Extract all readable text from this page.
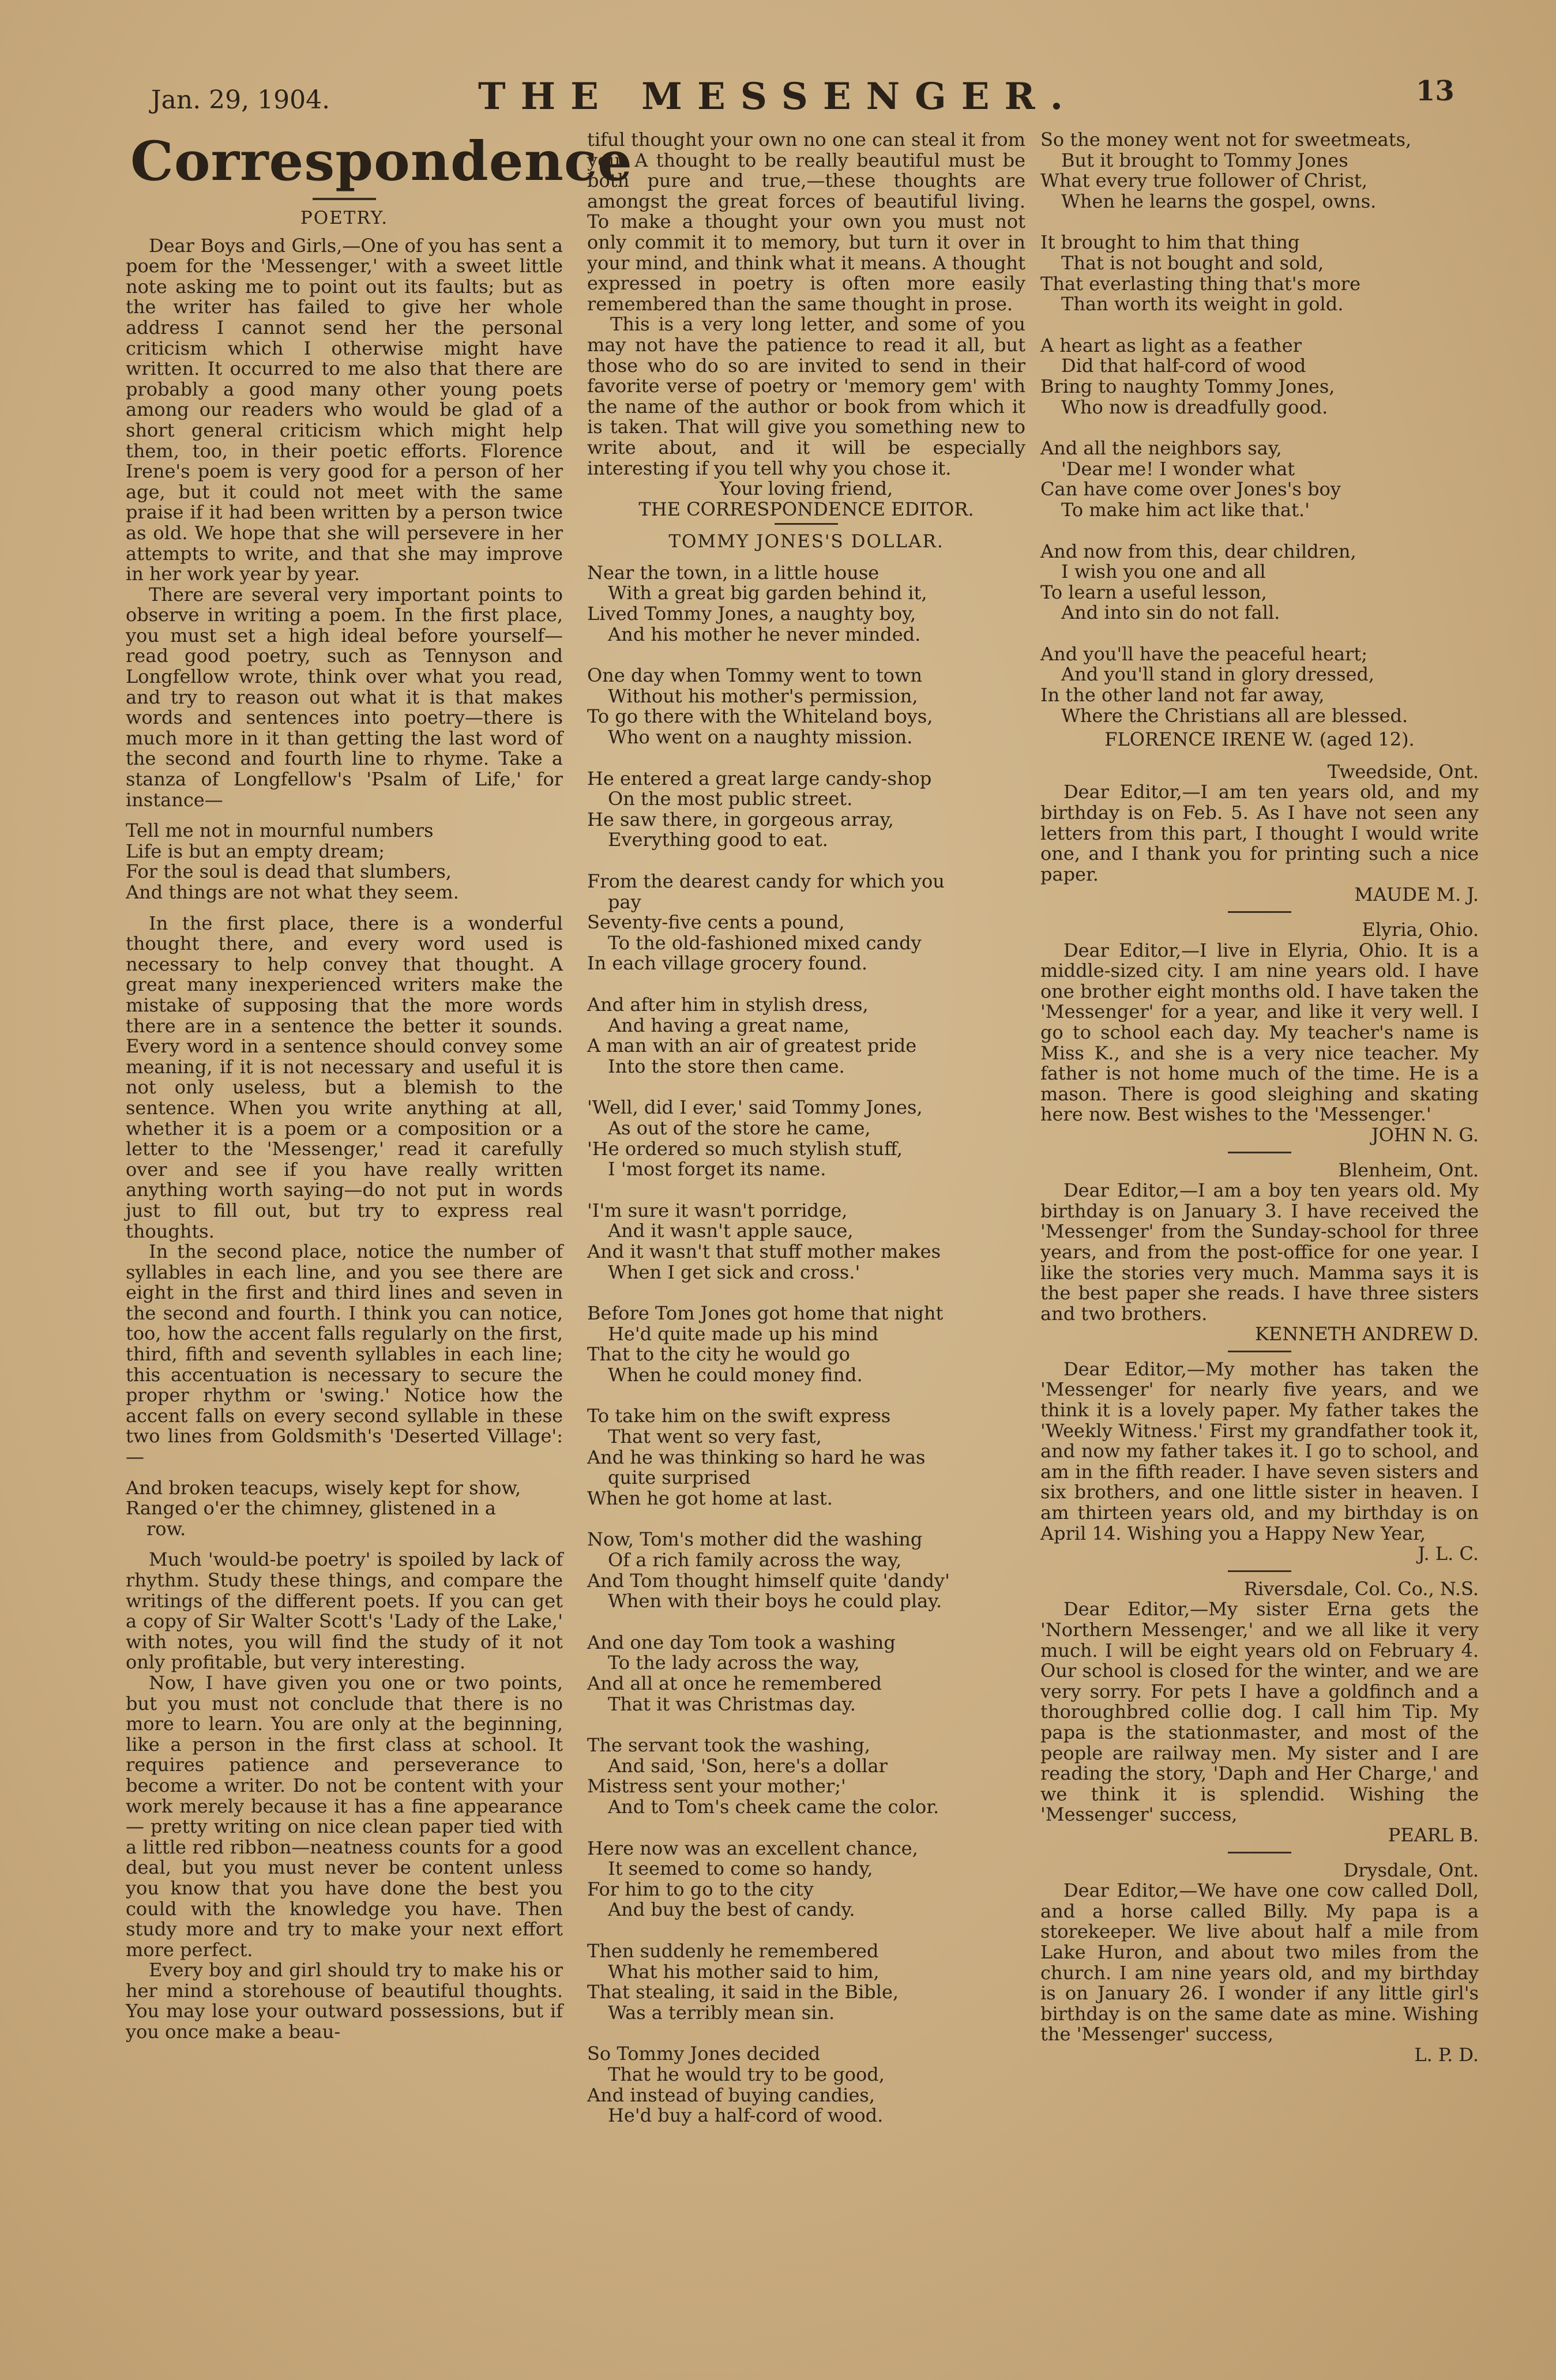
Jan. 29, 1904.	THE MESSENGER.	13
Correspondence
POETRY.

Dear Boys and Girls,—One of you has sent a poem for the 'Messenger,' with a sweet little note asking me to point out its faults; but as the writer has failed to give her whole address I cannot send her the personal criticism which I otherwise might have written. It occurred to me also that there are probably a good many other young poets among our readers who would be glad of a short general criticism which might help them, too, in their poetic efforts. Florence Irene's poem is very good for a person of her age, but it could not meet with the same praise if it had been written by a person twice as old. We hope that she will persevere in her attempts to write, and that she may improve in her work year by year.

There are several very important points to observe in writing a poem. In the first place, you must set a high ideal before yourself—read good poetry, such as Tennyson and Longfellow wrote, think over what you read, and try to reason out what it is that makes words and sentences into poetry—there is much more in it than getting the last word of the second and fourth line to rhyme. Take a stanza of Longfellow's 'Psalm of Life,' for instance—

Tell me not in mournful numbers
Life is but an empty dream;
For the soul is dead that slumbers,
And things are not what they seem.

In the first place, there is a wonderful thought there, and every word used is necessary to help convey that thought. A great many inexperienced writers make the mistake of supposing that the more words there are in a sentence the better it sounds. Every word in a sentence should convey some meaning, if it is not necessary and useful it is not only useless, but a blemish to the sentence. When you write anything at all, whether it is a poem or a composition or a letter to the 'Messenger,' read it carefully over and see if you have really written anything worth saying—do not put in words just to fill out, but try to express real thoughts.

In the second place, notice the number of syllables in each line, and you see there are eight in the first and third lines and seven in the second and fourth. I think you can notice, too, how the accent falls regularly on the first, third, fifth and seventh syllables in each line; this accentuation is necessary to secure the proper rhythm or 'swing.' Notice how the accent falls on every second syllable in these two lines from Goldsmith's 'Deserted Village':—

And broken teacups, wisely kept for show,
Ranged o'er the chimney, glistened in a
row.

Much 'would-be poetry' is spoiled by lack of rhythm. Study these things, and compare the writings of the different poets. If you can get a copy of Sir Walter Scott's 'Lady of the Lake,' with notes, you will find the study of it not only profitable, but very interesting.

Now, I have given you one or two points, but you must not conclude that there is no more to learn. You are only at the beginning, like a person in the first class at school. It requires patience and perseverance to become a writer. Do not be content with your work merely because it has a fine appearance— pretty writing on nice clean paper tied with a little red ribbon—neatness counts for a good deal, but you must never be content unless you know that you have done the best you could with the knowledge you have. Then study more and try to make your next effort more perfect.

Every boy and girl should try to make his or her mind a storehouse of beautiful thoughts. You may lose your outward possessions, but if you once make a beau-

tiful thought your own no one can steal it from you. A thought to be really beautiful must be both pure and true,—these thoughts are amongst the great forces of beautiful living. To make a thought your own you must not only commit it to memory, but turn it over in your mind, and think what it means. A thought expressed in poetry is often more easily remembered than the same thought in prose.

This is a very long letter, and some of you may not have the patience to read it all, but those who do so are invited to send in their favorite verse of poetry or 'memory gem' with the name of the author or book from which it is taken. That will give you something new to write about, and it will be especially interesting if you tell why you chose it.

Your loving friend,
THE CORRESPONDENCE EDITOR.
TOMMY JONES'S DOLLAR.
Near the town, in a little house
With a great big garden behind it,
Lived Tommy Jones, a naughty boy,
And his mother he never minded.
One day when Tommy went to town
Without his mother's permission,
To go there with the Whiteland boys,
Who went on a naughty mission.
He entered a great large candy-shop
On the most public street.
He saw there, in gorgeous array,
Everything good to eat.
From the dearest candy for which you
pay
Seventy-five cents a pound,
To the old-fashioned mixed candy
In each village grocery found.
And after him in stylish dress,
And having a great name,
A man with an air of greatest pride
Into the store then came.
'Well, did I ever,' said Tommy Jones,
As out of the store he came,
'He ordered so much stylish stuff,
I 'most forget its name.
'I'm sure it wasn't porridge,
And it wasn't apple sauce,
And it wasn't that stuff mother makes
When I get sick and cross.'
Before Tom Jones got home that night
He'd quite made up his mind
That to the city he would go
When he could money find.
To take him on the swift express
That went so very fast,
And he was thinking so hard he was
quite surprised
When he got home at last.
Now, Tom's mother did the washing
Of a rich family across the way,
And Tom thought himself quite 'dandy'
When with their boys he could play.
And one day Tom took a washing
To the lady across the way,
And all at once he remembered
That it was Christmas day.
The servant took the washing,
And said, 'Son, here's a dollar
Mistress sent your mother;'
And to Tom's cheek came the color.
Here now was an excellent chance,
It seemed to come so handy,
For him to go to the city
And buy the best of candy.
Then suddenly he remembered
What his mother said to him,
That stealing, it said in the Bible,
Was a terribly mean sin.
So Tommy Jones decided
That he would try to be good,
And instead of buying candies,
He'd buy a half-cord of wood.
So the money went not for sweetmeats,
But it brought to Tommy Jones
What every true follower of Christ,
When he learns the gospel, owns.
It brought to him that thing
That is not bought and sold,
That everlasting thing that's more
Than worth its weight in gold.
A heart as light as a feather
Did that half-cord of wood
Bring to naughty Tommy Jones,
Who now is dreadfully good.
And all the neighbors say,
'Dear me! I wonder what
Can have come over Jones's boy
To make him act like that.'
And now from this, dear children,
I wish you one and all
To learn a useful lesson,
And into sin do not fall.
And you'll have the peaceful heart;
And you'll stand in glory dressed,
In the other land not far away,
Where the Christians all are blessed.
FLORENCE IRENE W. (aged 12).
Tweedside, Ont.

Dear Editor,—I am ten years old, and my birthday is on Feb. 5. As I have not seen any letters from this part, I thought I would write one, and I thank you for printing such a nice paper.

MAUDE M. J.
Elyria, Ohio.

Dear Editor,—I live in Elyria, Ohio. It is a middle-sized city. I am nine years old. I have one brother eight months old. I have taken the 'Messenger' for a year, and like it very well. I go to school each day. My teacher's name is Miss K., and she is a very nice teacher. My father is not home much of the time. He is a mason. There is good sleighing and skating here now. Best wishes to the 'Messenger.'

JOHN N. G.
Blenheim, Ont.

Dear Editor,—I am a boy ten years old. My birthday is on January 3. I have received the 'Messenger' from the Sunday-school for three years, and from the post-office for one year. I like the stories very much. Mamma says it is the best paper she reads. I have three sisters and two brothers.

KENNETH ANDREW D.

Dear Editor,—My mother has taken the 'Messenger' for nearly five years, and we think it is a lovely paper. My father takes the 'Weekly Witness.' First my grandfather took it, and now my father takes it. I go to school, and am in the fifth reader. I have seven sisters and six brothers, and one little sister in heaven. I am thirteen years old, and my birthday is on April 14. Wishing you a Happy New Year,

J. L. C.
Riversdale, Col. Co., N.S.

Dear Editor,—My sister Erna gets the 'Northern Messenger,' and we all like it very much. I will be eight years old on February 4. Our school is closed for the winter, and we are very sorry. For pets I have a goldfinch and a thoroughbred collie dog. I call him Tip. My papa is the stationmaster, and most of the people are railway men. My sister and I are reading the story, 'Daph and Her Charge,' and we think it is splendid. Wishing the 'Messenger' success,

PEARL B.
Drysdale, Ont.

Dear Editor,—We have one cow called Doll, and a horse called Billy. My papa is a storekeeper. We live about half a mile from Lake Huron, and about two miles from the church. I am nine years old, and my birthday is on January 26. I wonder if any little girl's birthday is on the same date as mine. Wishing the 'Messenger' success,

L. P. D.
